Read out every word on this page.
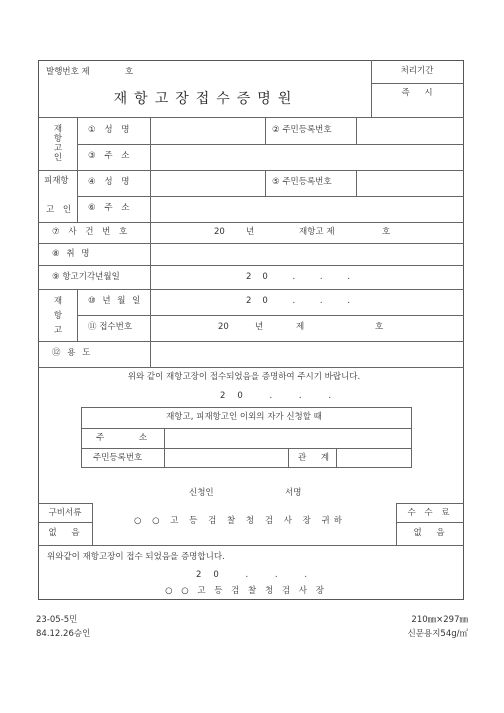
발행번호 제	호
재항고장접수증명원
처리기간
즉 시
재항고인	① 성 명	② 주민등록번호
③ 주 소
피재항
고 인
④ 성 명	⑤ 주민등록번호
⑥ 주 소
⑦ 사 건 번 호	20 년	재항고 제	호
⑧ 취 명
⑨ 항고기각년월일	20 . . .
재항고	⑩ 년 월 일	20 . . .
⑪ 접수번호	20	년	제	호
⑫ 용 도
위와 같이 재항고장이 접수되었음을 증명하여 주시기 바랍니다.
20 . . .
재항고, 피재항고인 이외의 자가 신청할 때
주 소
주민등록번호	관 계
신청인	서명
구비서류
없 음
○ ○ 고 등 검 찰 청 검 사 장 귀하
수 수 료
없 음
위와같이 재항고장이 접수 되었음을 증명합니다.
20 . . .
○ ○ 고 등 검 찰 청 검 사 장
23-05-5민
84.12.26승인
210㎜×297㎜
신문용지54g/㎡
